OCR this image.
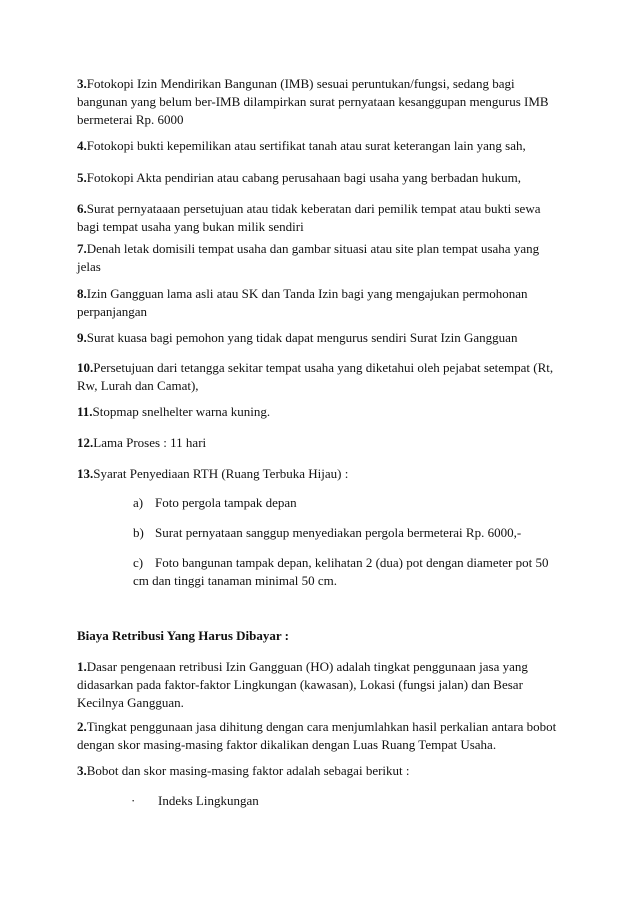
3.Fotokopi Izin Mendirikan Bangunan (IMB) sesuai peruntukan/fungsi, sedang bagi bangunan yang belum ber-IMB dilampirkan surat pernyataan kesanggupan mengurus IMB bermeterai Rp. 6000

4.Fotokopi bukti kepemilikan atau sertifikat tanah atau surat keterangan lain yang sah,

5.Fotokopi Akta pendirian atau cabang perusahaan bagi usaha yang berbadan hukum,

6.Surat pernyataaan persetujuan atau tidak keberatan dari pemilik tempat atau bukti sewa bagi tempat usaha yang bukan milik sendiri

7.Denah letak domisili tempat usaha dan gambar situasi atau site plan tempat usaha yang jelas

8.Izin Gangguan lama asli atau SK dan Tanda Izin bagi yang mengajukan permohonan perpanjangan

9.Surat kuasa bagi pemohon yang tidak dapat mengurus sendiri Surat Izin Gangguan

10.Persetujuan dari tetangga sekitar tempat usaha yang diketahui oleh pejabat setempat (Rt, Rw, Lurah dan Camat),

11.Stopmap snelhelter warna kuning.

12.Lama Proses : 11 hari

13.Syarat Penyediaan RTH (Ruang Terbuka Hijau) :

a) Foto pergola tampak depan

b) Surat pernyataan sanggup menyediakan pergola bermeterai Rp. 6000,-

c) Foto bangunan tampak depan, kelihatan 2 (dua) pot dengan diameter pot 50 cm dan tinggi tanaman minimal 50 cm.

Biaya Retribusi Yang Harus Dibayar :

1.Dasar pengenaan retribusi Izin Gangguan (HO) adalah tingkat penggunaan jasa yang didasarkan pada faktor-faktor Lingkungan (kawasan), Lokasi (fungsi jalan) dan Besar Kecilnya Gangguan.

2.Tingkat penggunaan jasa dihitung dengan cara menjumlahkan hasil perkalian antara bobot dengan skor masing-masing faktor dikalikan dengan Luas Ruang Tempat Usaha.

3.Bobot dan skor masing-masing faktor adalah sebagai berikut :

· Indeks Lingkungan
